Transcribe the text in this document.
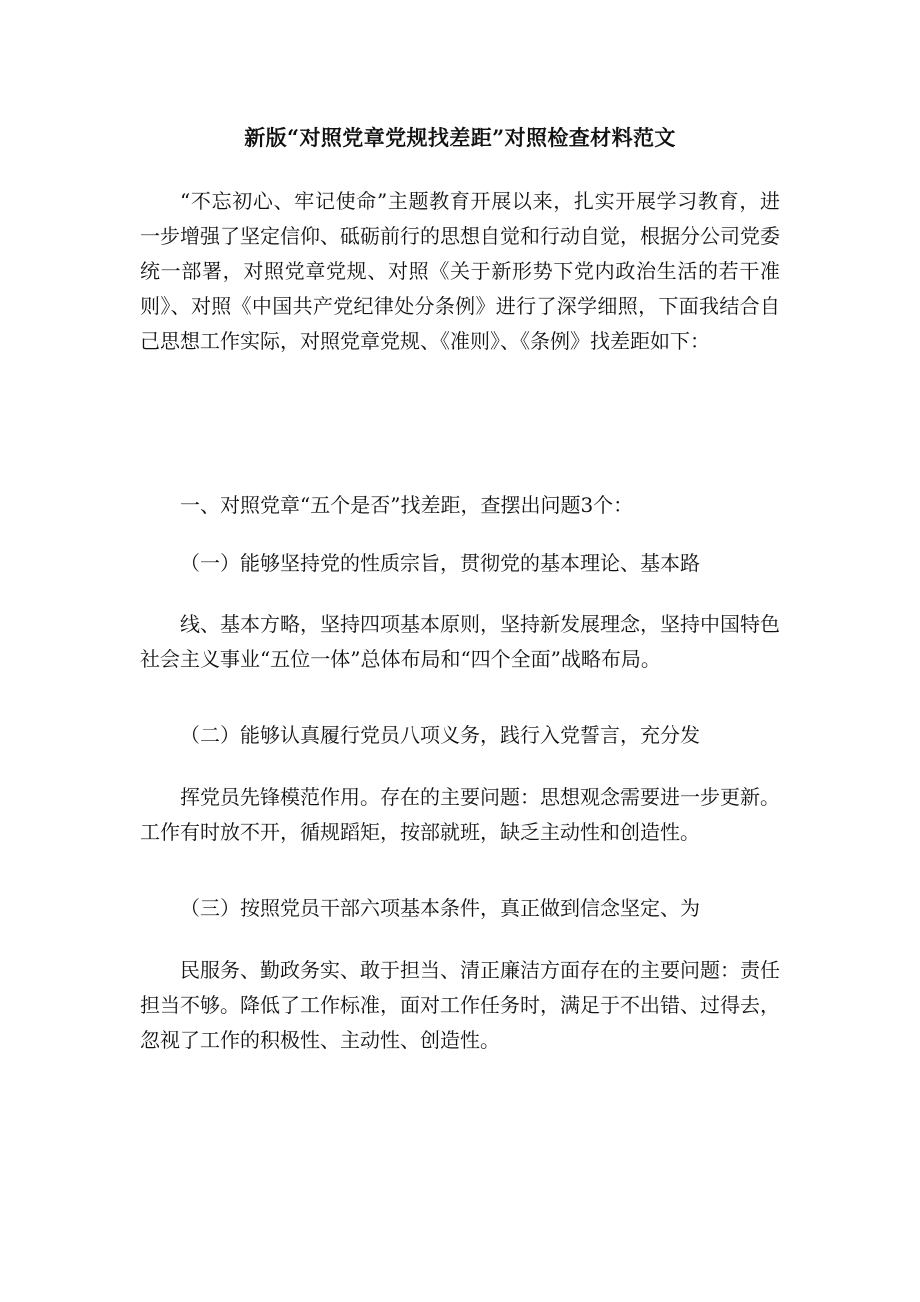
新版“对照党章党规找差距”对照检查材料范文

“不忘初心、牢记使命”主题教育开展以来，扎实开展学习教育，进一步增强了坚定信仰、砥砺前行的思想自觉和行动自觉，根据分公司党委统一部署，对照党章党规、对照《关于新形势下党内政治生活的若干准则》、对照《中国共产党纪律处分条例》进行了深学细照，下面我结合自己思想工作实际，对照党章党规、《准则》、《条例》找差距如下：

一、对照党章“五个是否”找差距，查摆出问题3个：

（一）能够坚持党的性质宗旨，贯彻党的基本理论、基本路

线、基本方略，坚持四项基本原则，坚持新发展理念，坚持中国特色社会主义事业“五位一体”总体布局和“四个全面”战略布局。

（二）能够认真履行党员八项义务，践行入党誓言，充分发

挥党员先锋模范作用。存在的主要问题：思想观念需要进一步更新。工作有时放不开，循规蹈矩，按部就班，缺乏主动性和创造性。

（三）按照党员干部六项基本条件，真正做到信念坚定、为

民服务、勤政务实、敢于担当、清正廉洁方面存在的主要问题：责任担当不够。降低了工作标准，面对工作任务时，满足于不出错、过得去，忽视了工作的积极性、主动性、创造性。
